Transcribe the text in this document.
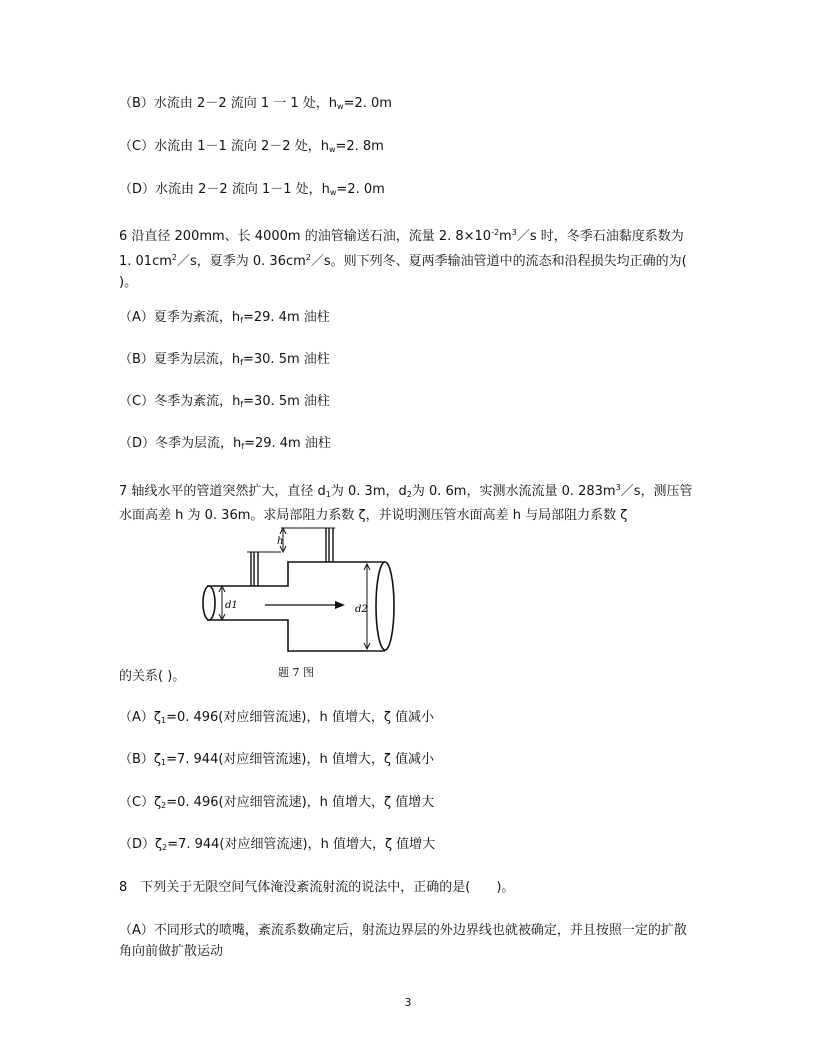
（B）水流由 2－2 流向 1 一 1 处，$h_w=2$. 0m
（C）水流由 1－1 流向 2－2 处，$h_w=2$. 8m
（D）水流由 2－2 流向 1－1 处，$h_w=2$. 0m
6 沿直径 200mm、长 4000m 的油管输送石油，流量 2. $8\times 10^{-2}m^3/s$ 时，冬季石油黏度系数为 1. $01cm^2/s$，夏季为 0. $36cm^2/s$。则下列冬、夏两季输油管道中的流态和沿程损失均正确的为( )。
（A）夏季为紊流，$h_f=29$. 4m 油柱
（B）夏季为层流，$h_f=30$. 5m 油柱
（C）冬季为紊流，$h_f=30$. 5m 油柱
（D）冬季为层流，$h_f=29$. 4m 油柱
7 轴线水平的管道突然扩大，直径 $d_1$为 0. 3m，$d_2$为 0. 6m，实测水流流量 0. $283m^3/s$，测压管水面高差 h 为 0. 36m。求局部阻力系数 ζ，并说明测压管水面高差 h 与局部阻力系数 ζ
h
d1	d2
题 7 图
的关系( )。
$(A)\zeta_1=0$. 496(对应细管流速)，h 值增大，ζ 值减小
$(B)\zeta_1=7$. 944(对应细管流速)，h 值增大，ζ 值减小
$(C)\zeta_2=0$. 496(对应细管流速)，h 值增大，ζ 值增大
$(D)\zeta_2=7$. 944(对应细管流速)，h 值增大，ζ 值增大
8　下列关于无限空间气体淹没紊流射流的说法中，正确的是(　　)。
（A）不同形式的喷嘴，紊流系数确定后，射流边界层的外边界线也就被确定，并且按照一定的扩散角向前做扩散运动
3
